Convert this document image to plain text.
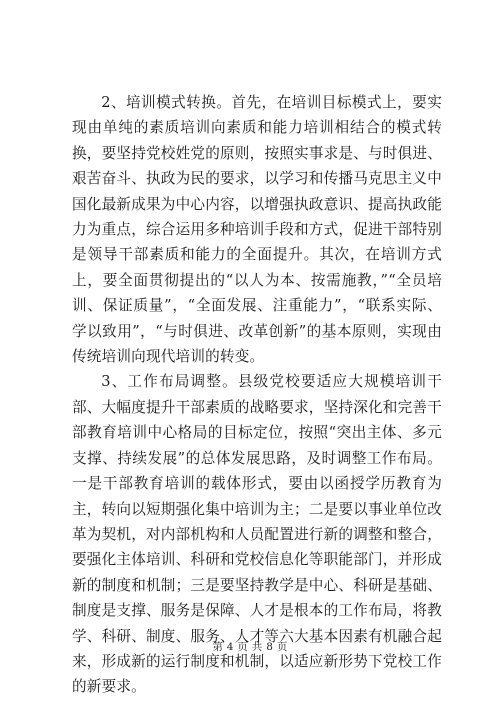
2、培训模式转换。首先，在培训目标模式上，要实现由单纯的素质培训向素质和能力培训相结合的模式转换，要坚持党校姓党的原则，按照实事求是、与时俱进、艰苦奋斗、执政为民的要求，以学习和传播马克思主义中国化最新成果为中心内容，以增强执政意识、提高执政能力为重点，综合运用多种培训手段和方式，促进干部特别是领导干部素质和能力的全面提升。其次，在培训方式上，要全面贯彻提出的“以人为本、按需施教，”“全员培训、保证质量”，“全面发展、注重能力”，“联系实际、学以致用”，“与时俱进、改革创新”的基本原则，实现由传统培训向现代培训的转变。

3、工作布局调整。县级党校要适应大规模培训干部、大幅度提升干部素质的战略要求，坚持深化和完善干部教育培训中心格局的目标定位，按照“突出主体、多元支撑、持续发展”的总体发展思路，及时调整工作布局。一是干部教育培训的载体形式，要由以函授学历教育为主，转向以短期强化集中培训为主；二是要以事业单位改革为契机，对内部机构和人员配置进行新的调整和整合，要强化主体培训、科研和党校信息化等职能部门，并形成新的制度和机制；三是要坚持教学是中心、科研是基础、制度是支撑、服务是保障、人才是根本的工作布局，将教学、科研、制度、服务、人才等六大基本因素有机融合起来，形成新的运行制度和机制，以适应新形势下党校工作的新要求。

第 4 页 共 8 页
